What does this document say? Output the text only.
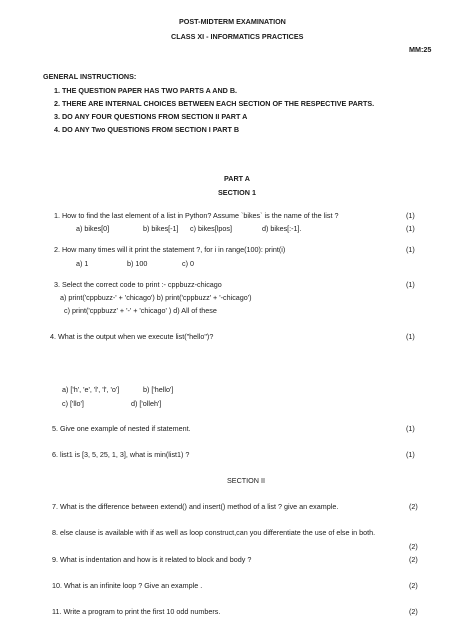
POST-MIDTERM EXAMINATION
CLASS XI - INFORMATICS PRACTICES
MM:25
GENERAL INSTRUCTIONS:
1. THE QUESTION PAPER HAS TWO PARTS A AND B.
2. THERE ARE INTERNAL CHOICES BETWEEN EACH SECTION OF THE RESPECTIVE PARTS.
3. DO ANY FOUR QUESTIONS FROM SECTION II PART A
4. DO ANY Two QUESTIONS FROM SECTION I PART B
PART A
SECTION 1
1. How to find the last element of a list in Python? Assume `bikes` is the name of the list ?	(1)
a) bikes[0]	b) bikes[-1] c) bikes[lpos]	d) bikes[:-1].	(1)
2. How many times will it print the statement ?, for i in range(100): print(i)	(1)
a) 1	b) 100	c) 0
3. Select the correct code to print :- cppbuzz-chicago	(1)
a) print('cppbuzz-' + 'chicago') b) print('cppbuzz' + '-chicago')
c) print('cppbuzz' + '-' + 'chicago' ) d) All of these
4. What is the output when we execute list("hello")?	(1)
a) ['h', 'e', 'l', 'l', 'o']	b) ['hello']
c) ['llo']	d) ['olleh']
5. Give one example of nested if statement.	(1)
6. list1 is [3, 5, 25, 1, 3], what is min(list1) ?	(1)
SECTION II
7. What is the difference between extend() and insert() method of a list ? give an example.	(2)
8. else clause is available with if as well as loop construct,can you differentiate the use of else in both.
(2)
9. What is indentation and how is it related to block and body ?	(2)
10. What is an infinite loop ? Give an example .	(2)
11. Write a program to print the first 10 odd numbers.	(2)
